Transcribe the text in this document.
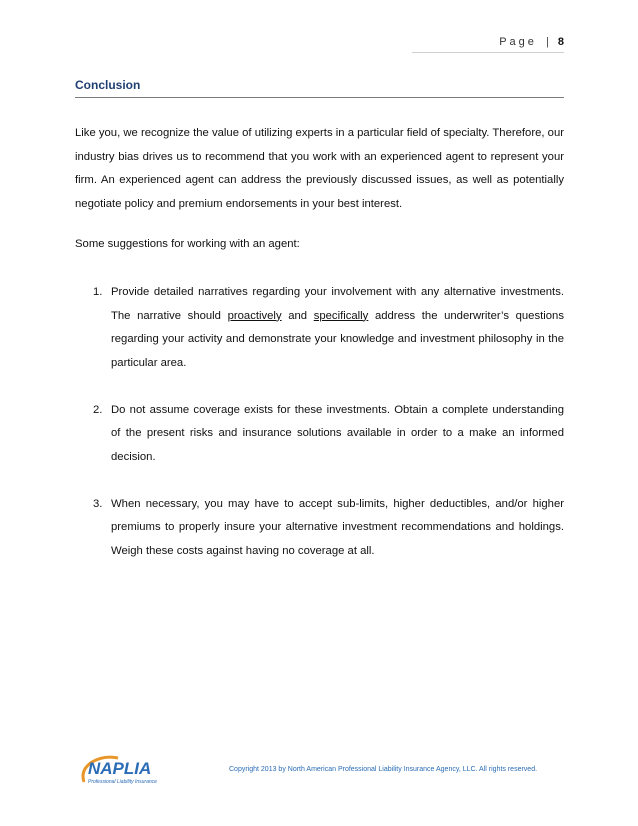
Page | 8
Conclusion

Like you, we recognize the value of utilizing experts in a particular field of specialty. Therefore, our industry bias drives us to recommend that you work with an experienced agent to represent your firm. An experienced agent can address the previously discussed issues, as well as potentially negotiate policy and premium endorsements in your best interest.

Some suggestions for working with an agent:

1. Provide detailed narratives regarding your involvement with any alternative investments. The narrative should proactively and specifically address the underwriter’s questions regarding your activity and demonstrate your knowledge and investment philosophy in the particular area.
2. Do not assume coverage exists for these investments. Obtain a complete understanding of the present risks and insurance solutions available in order to a make an informed decision.
3. When necessary, you may have to accept sub-limits, higher deductibles, and/or higher premiums to properly insure your alternative investment recommendations and holdings. Weigh these costs against having no coverage at all.
NAPLIA
Professional Liability Insurance
Copyright 2013 by North American Professional Liability Insurance Agency, LLC. All rights reserved.
